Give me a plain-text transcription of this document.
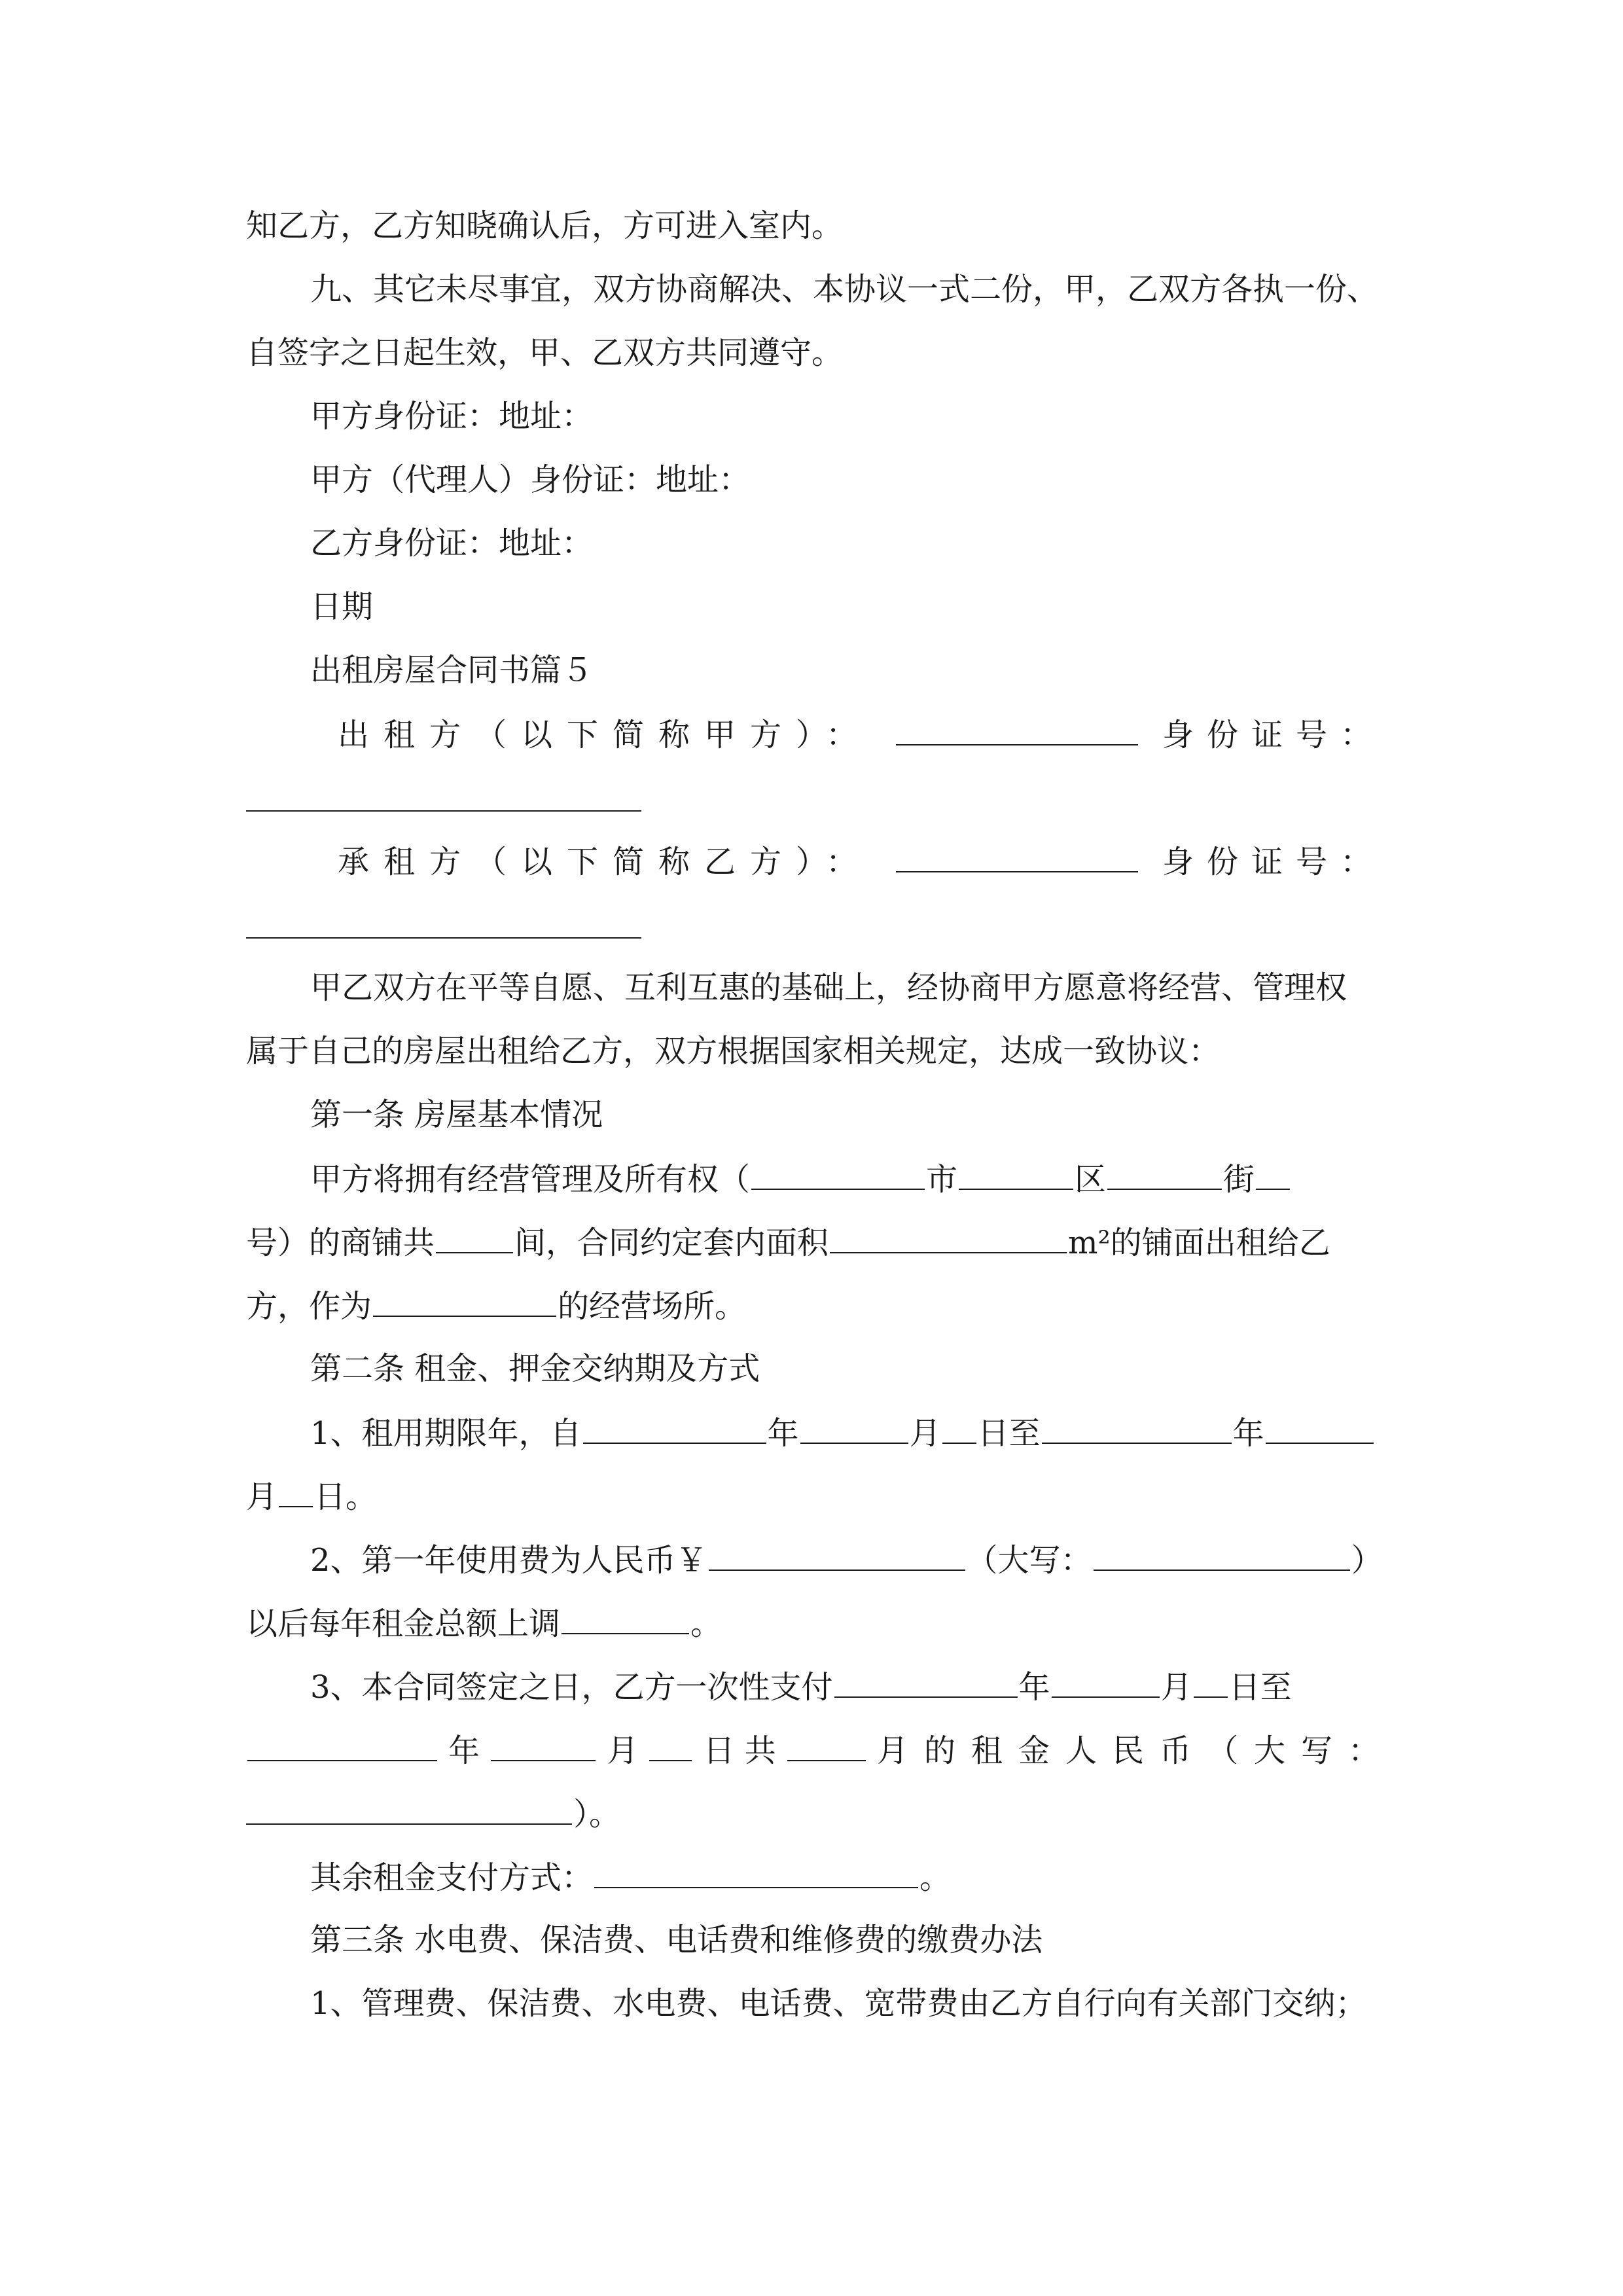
知乙方，乙方知晓确认后，方可进入室内。
九、其它未尽事宜，双方协商解决、本协议一式二份，甲，乙双方各执一份、
自签字之日起生效，甲、乙双方共同遵守。
甲方身份证：地址：
甲方（代理人）身份证：地址：
乙方身份证：地址：
日期
出租房屋合同书篇５
出租方（以下简称甲方）：	身份证号：
承租方（以下简称乙方）：	身份证号：
甲乙双方在平等自愿、互利互惠的基础上，经协商甲方愿意将经营、管理权
属于自己的房屋出租给乙方，双方根据国家相关规定，达成一致协议：
第一条 房屋基本情况
甲方将拥有经营管理及所有权（	市	区	街
号）的商铺共	间，合同约定套内面积	m²的铺面出租给乙
方，作为	的经营场所。
第二条 租金、押金交纳期及方式
1、租用期限年，自	年	月 日至	年
月 日。
2、第一年使用费为人民币￥	（大写：	）
以后每年租金总额上调	。
3、本合同签定之日，乙方一次性支付	年	月 日至
年	月 日 共	月的租金人民币（大写：
）。
其余租金支付方式：	。
第三条 水电费、保洁费、电话费和维修费的缴费办法
1、管理费、保洁费、水电费、电话费、宽带费由乙方自行向有关部门交纳；
